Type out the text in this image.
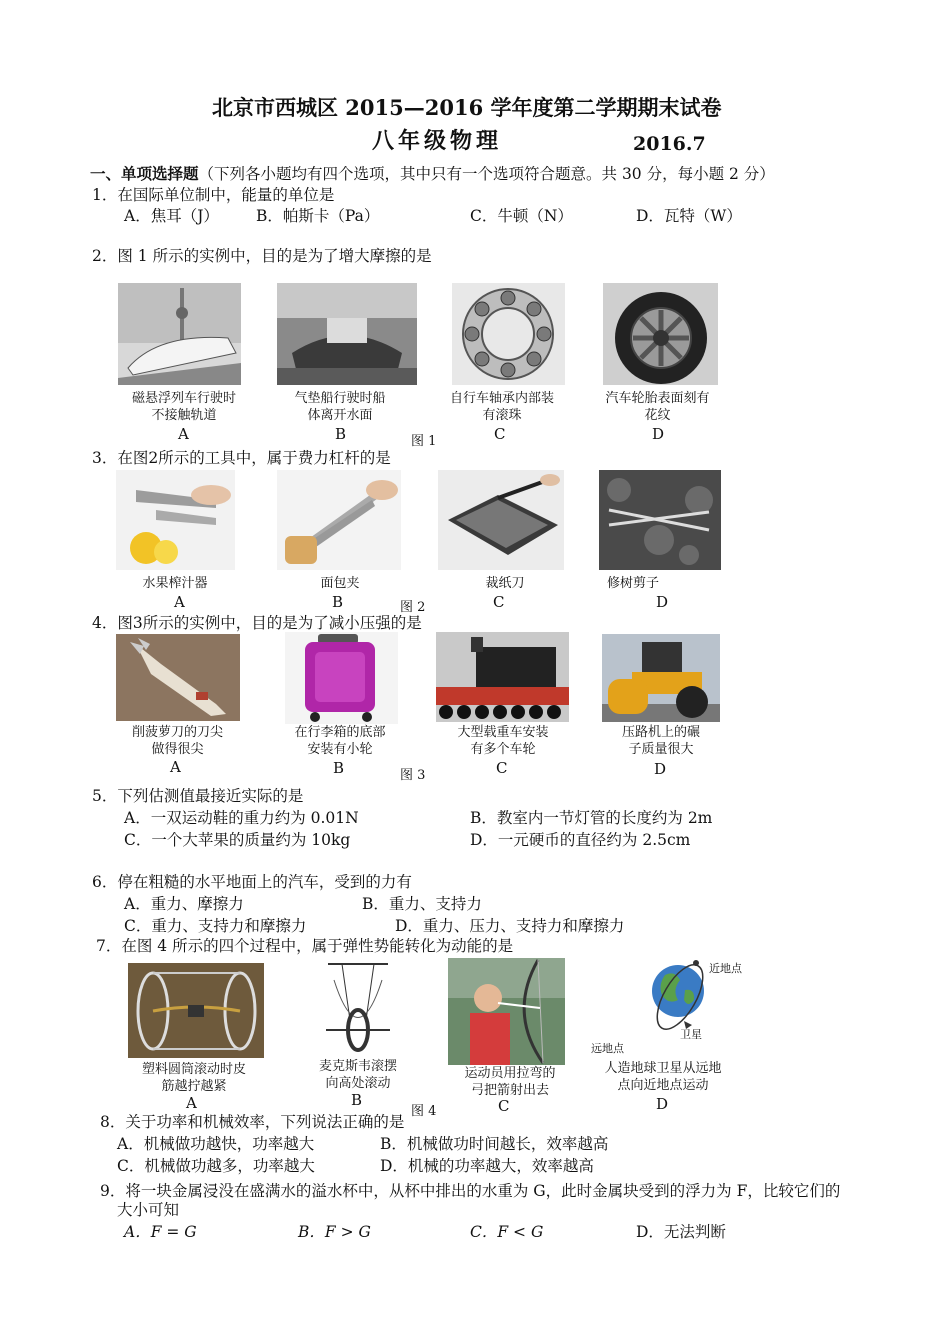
北京市西城区 2015—2016 学年度第二学期期末试卷
八年级物理	2016.7
一、单项选择题（下列各小题均有四个选项，其中只有一个选项符合题意。共 30 分，每小题 2 分）
1．在国际单位制中，能量的单位是
A．焦耳（J） B．帕斯卡（Pa）	C．牛顿（N）	D．瓦特（W）
2．图 1 所示的实例中，目的是为了增大摩擦的是
磁悬浮列车行驶时不接触轨道
气垫船行驶时船体离开水面
自行车轴承内部装有滚珠
汽车轮胎表面刻有花纹
A	B	图 1	C	D
3．在图2所示的工具中，属于费力杠杆的是
水果榨汁器	面包夹	裁纸刀	修树剪子
A	B	图 2	C	D
4．图3所示的实例中，目的是为了减小压强的是
削菠萝刀的刀尖做得很尖
在行李箱的底部安装有小轮
大型载重车安装有多个车轮
压路机上的碾子质量很大
A	B	图 3	C	D
5．下列估测值最接近实际的是
A．一双运动鞋的重力约为 0.01N	B．教室内一节灯管的长度约为 2m
C．一个大苹果的质量约为 10kg	D．一元硬币的直径约为 2.5cm
6．停在粗糙的水平地面上的汽车，受到的力有
A．重力、摩擦力	B．重力、支持力
C．重力、支持力和摩擦力	D．重力、压力、支持力和摩擦力
7．在图 4 所示的四个过程中，属于弹性势能转化为动能的是
近地点
远地点
卫星
塑料圆筒滚动时皮筋越拧越紧
麦克斯韦滚摆向高处滚动
运动员用拉弯的弓把箭射出去
人造地球卫星从远地点向近地点运动
A	B
图 4	C	D
8．关于功率和机械效率，下列说法正确的是
A．机械做功越快，功率越大	B．机械做功时间越长，效率越高
C．机械做功越多，功率越大	D．机械的功率越大，效率越高
9．将一块金属浸没在盛满水的溢水杯中，从杯中排出的水重为 G，此时金属块受到的浮力为 F，比较它们的
大小可知
A．F = G	B．F > G	C．F < G	D．无法判断
